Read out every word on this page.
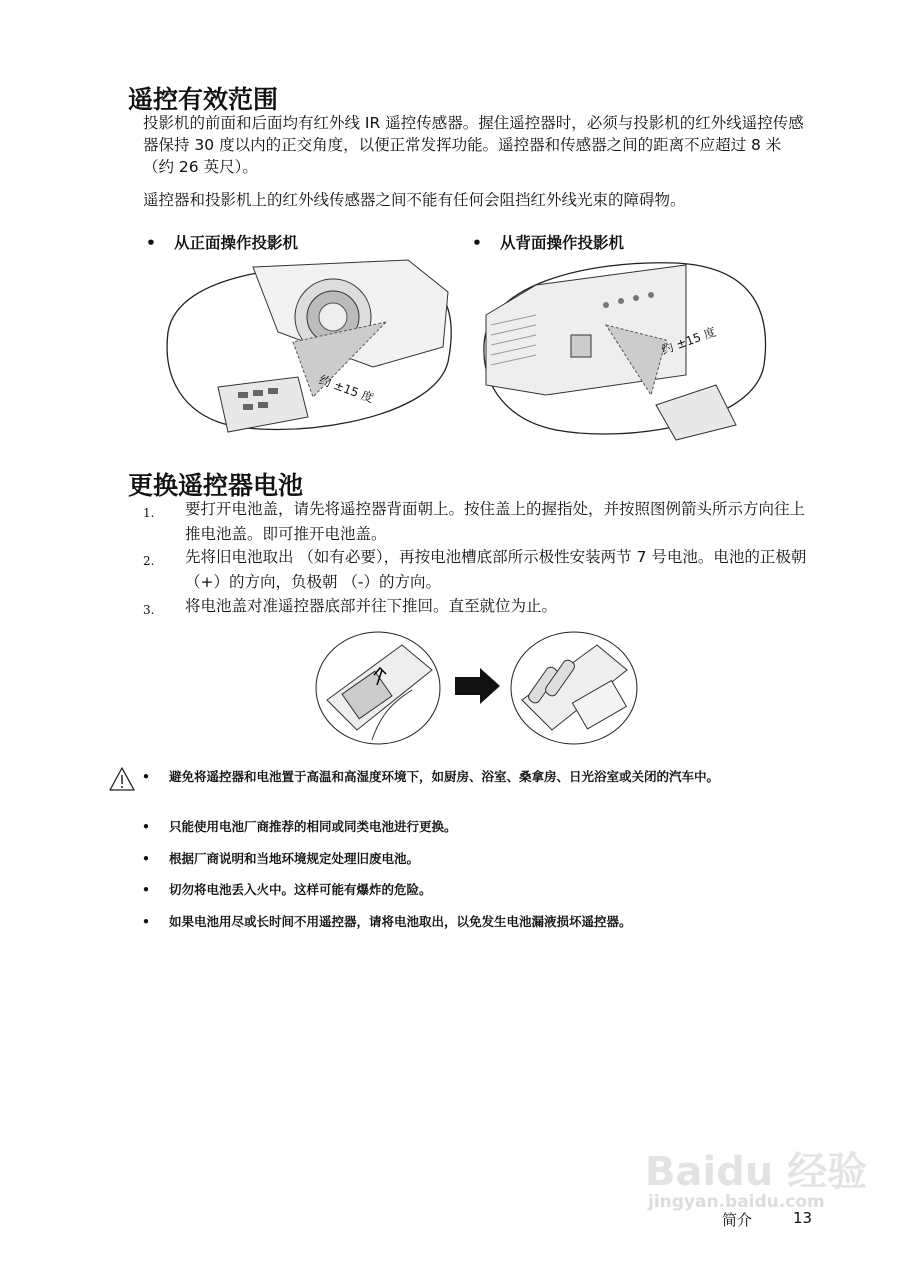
遥控有效范围
投影机的前面和后面均有红外线 IR 遥控传感器。握住遥控器时，必须与投影机的红外线遥控传感器保持 30 度以内的正交角度，以便正常发挥功能。遥控器和传感器之间的距离不应超过 8 米 （约 26 英尺）。
遥控器和投影机上的红外线传感器之间不能有任何会阻挡红外线光束的障碍物。
• 从正面操作投影机	• 从背面操作投影机
约 ±15 度
约 ±15 度
更换遥控器电池
1. 要打开电池盖，请先将遥控器背面朝上。按住盖上的握指处，并按照图例箭头所示方向往上推电池盖。即可推开电池盖。
2. 先将旧电池取出 （如有必要），再按电池槽底部所示极性安装两节 7 号电池。电池的正极朝 （+）的方向，负极朝 （-）的方向。
3. 将电池盖对准遥控器底部并往下推回。直至就位为止。
• 避免将遥控器和电池置于高温和高湿度环境下，如厨房、浴室、桑拿房、日光浴室或关闭的汽车中。
• 只能使用电池厂商推荐的相同或同类电池进行更换。
• 根据厂商说明和当地环境规定处理旧废电池。
• 切勿将电池丢入火中。这样可能有爆炸的危险。
• 如果电池用尽或长时间不用遥控器，请将电池取出，以免发生电池漏液损坏遥控器。
Baidu 经验
jingyan.baidu.com
简介	13
